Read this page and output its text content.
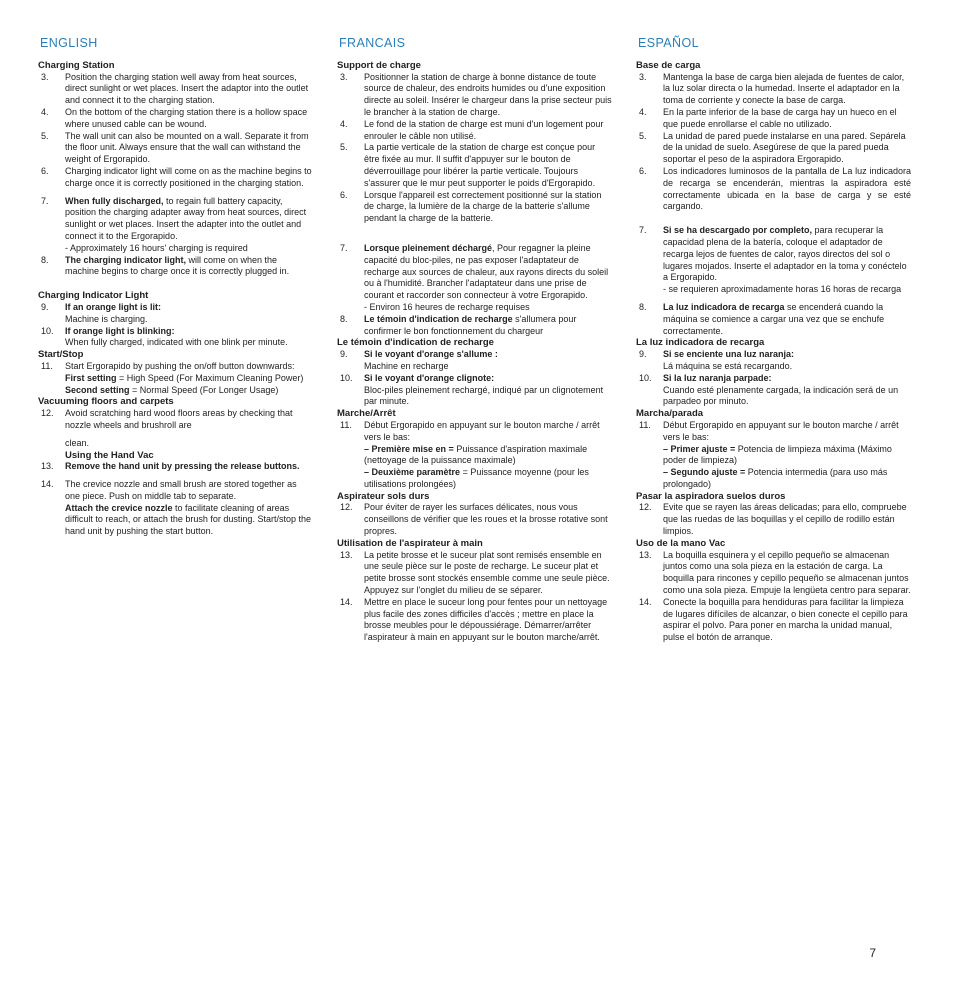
ENGLISH
Charging Station
3.	Position the charging station well away from heat sources, direct sunlight or wet places. Insert the adaptor into the outlet and connect it to the charging station.
4.	On the bottom of the charging station there is a hollow space where unused cable can be wound.
5.	The wall unit can also be mounted on a wall. Separate it from the floor unit. Always ensure that the wall can withstand the weight of Ergorapido.
6.	Charging indicator light will come on as the machine begins to charge once it is correctly positioned in the charging station.
7.	When fully discharged, to regain full battery capacity, position the charging adapter away from heat sources, direct sunlight or wet places. Insert the adapter into the outlet and connect it to the Ergorapido.
- Approximately 16 hours' charging is required
8.	The charging indicator light, will come on when the machine begins to charge once it is correctly plugged in.
Charging Indicator Light
9.	If an orange light is lit:
Machine is charging.
10.	If orange light is blinking:
When fully charged, indicated with one blink per minute.
Start/Stop
11.	Start Ergorapido by pushing the on/off button downwards:
First setting = High Speed (For Maximum Cleaning Power)
Second setting = Normal Speed (For Longer Usage)
Vacuuming floors and carpets
12.	Avoid scratching hard wood floors areas by checking that nozzle wheels and brushroll are
clean.
Using the Hand Vac
13.	Remove the hand unit by pressing the release buttons.
14.	The crevice nozzle and small brush are stored together as one piece. Push on middle tab to separate.
Attach the crevice nozzle to facilitate cleaning of areas difficult to reach, or attach the brush for dusting. Start/stop the hand unit by pushing the start button.
FRANCAIS
Support de charge
3.	Positionner la station de charge à bonne distance de toute source de chaleur, des endroits humides ou d'une exposition directe au soleil. Insérer le chargeur dans la prise secteur puis le brancher à la station de charge.
4.	Le fond de la station de charge est muni d'un logement pour enrouler le câble non utilisé.
5.	La partie verticale de la station de charge est conçue pour être fixée au mur. Il suffit d'appuyer sur le bouton de déverrouillage pour libérer la partie verticale. Toujours s'assurer que le mur peut supporter le poids d'Ergorapido.
6.	Lorsque l'appareil est correctement positionné sur la station de charge, la lumière de la charge de la batterie s'allume pendant la charge de la batterie.
7.	Lorsque pleinement déchargé, Pour regagner la pleine capacité du bloc-piles, ne pas exposer l'adaptateur de recharge aux sources de chaleur, aux rayons directs du soleil ou à l'humidité. Brancher l'adaptateur dans une prise de courant et raccorder son connecteur à votre Ergorapido.
- Environ 16 heures de recharge requises
8.	Le témoin d'indication de recharge s'allumera pour confirmer le bon fonctionnement du chargeur
Le témoin d'indication de recharge
9.	Si le voyant d'orange s'allume :
Machine en recharge
10.	Si le voyant d'orange clignote:
Bloc-piles pleinement rechargé, indiqué par un clignotement par minute.
Marche/Arrêt
11.	Début Ergorapido en appuyant sur le bouton marche / arrêt vers le bas:
– Première mise en = Puissance d'aspiration maximale (nettoyage de la puissance maximale)
– Deuxième paramètre = Puissance moyenne (pour les utilisations prolongées)
Aspirateur sols durs
12.	Pour éviter de rayer les surfaces délicates, nous vous conseillons de vérifier que les roues et la brosse rotative sont propres.
Utilisation de l'aspirateur à main
13.	La petite brosse et le suceur plat sont remisés ensemble en une seule pièce sur le poste de recharge. Le suceur plat et petite brosse sont stockés ensemble comme une seule pièce. Appuyez sur l'onglet du milieu de se séparer.
14.	Mettre en place le suceur long pour fentes pour un nettoyage plus facile des zones difficiles d'accès ; mettre en place la brosse meubles pour le dépoussiérage. Démarrer/arrêter l'aspirateur à main en appuyant sur le bouton marche/arrêt.
ESPAÑOL
Base de carga
3.	Mantenga la base de carga bien alejada de fuentes de calor, la luz solar directa o la humedad. Inserte el adaptador en la toma de corriente y conecte la base de carga.
4.	En la parte inferior de la base de carga hay un hueco en el que puede enrollarse el cable no utilizado.
5.	La unidad de pared puede instalarse en una pared. Sepárela de la unidad de suelo. Asegúrese de que la pared pueda soportar el peso de la aspiradora Ergorapido.
6.	Los indicadores luminosos de la pantalla de La luz indicadora de recarga se encenderán, mientras la aspiradora esté correctamente ubicada en la base de carga y se esté cargando.
7.	Si se ha descargado por completo, para recuperar la capacidad plena de la batería, coloque el adaptador de recarga lejos de fuentes de calor, rayos directos del sol o lugares mojados. Inserte el adaptador en la toma y conéctelo a Ergorapido.
- se requieren aproximadamente horas 16 horas de recarga
8.	La luz indicadora de recarga se encenderá cuando la máquina se comience a cargar una vez que se enchufe correctamente.
La luz indicadora de recarga
9.	Si se enciente una luz naranja:
Lá máquina se está recargando.
10.	Si la luz naranja parpade:
Cuando esté plenamente cargada, la indicación será de un parpadeo por minuto.
Marcha/parada
11.	Début Ergorapido en appuyant sur le bouton marche / arrêt vers le bas:
– Primer ajuste = Potencia de limpieza máxima (Máximo poder de limpieza)
– Segundo ajuste = Potencia intermedia (para uso más prolongado)
Pasar la aspiradora suelos duros
12.	Evite que se rayen las áreas delicadas; para ello, compruebe que las ruedas de las boquillas y el cepillo de rodillo están limpios.
Uso de la mano Vac
13.	La boquilla esquinera y el cepillo pequeño se almacenan juntos como una sola pieza en la estación de carga. La boquilla para rincones y cepillo pequeño se almacenan juntos como una sola pieza. Empuje la lengüeta centro para separar.
14.	Conecte la boquilla para hendiduras para facilitar la limpieza de lugares difíciles de alcanzar, o bien conecte el cepillo para aspirar el polvo. Para poner en marcha la unidad manual, pulse el botón de arranque.
7
